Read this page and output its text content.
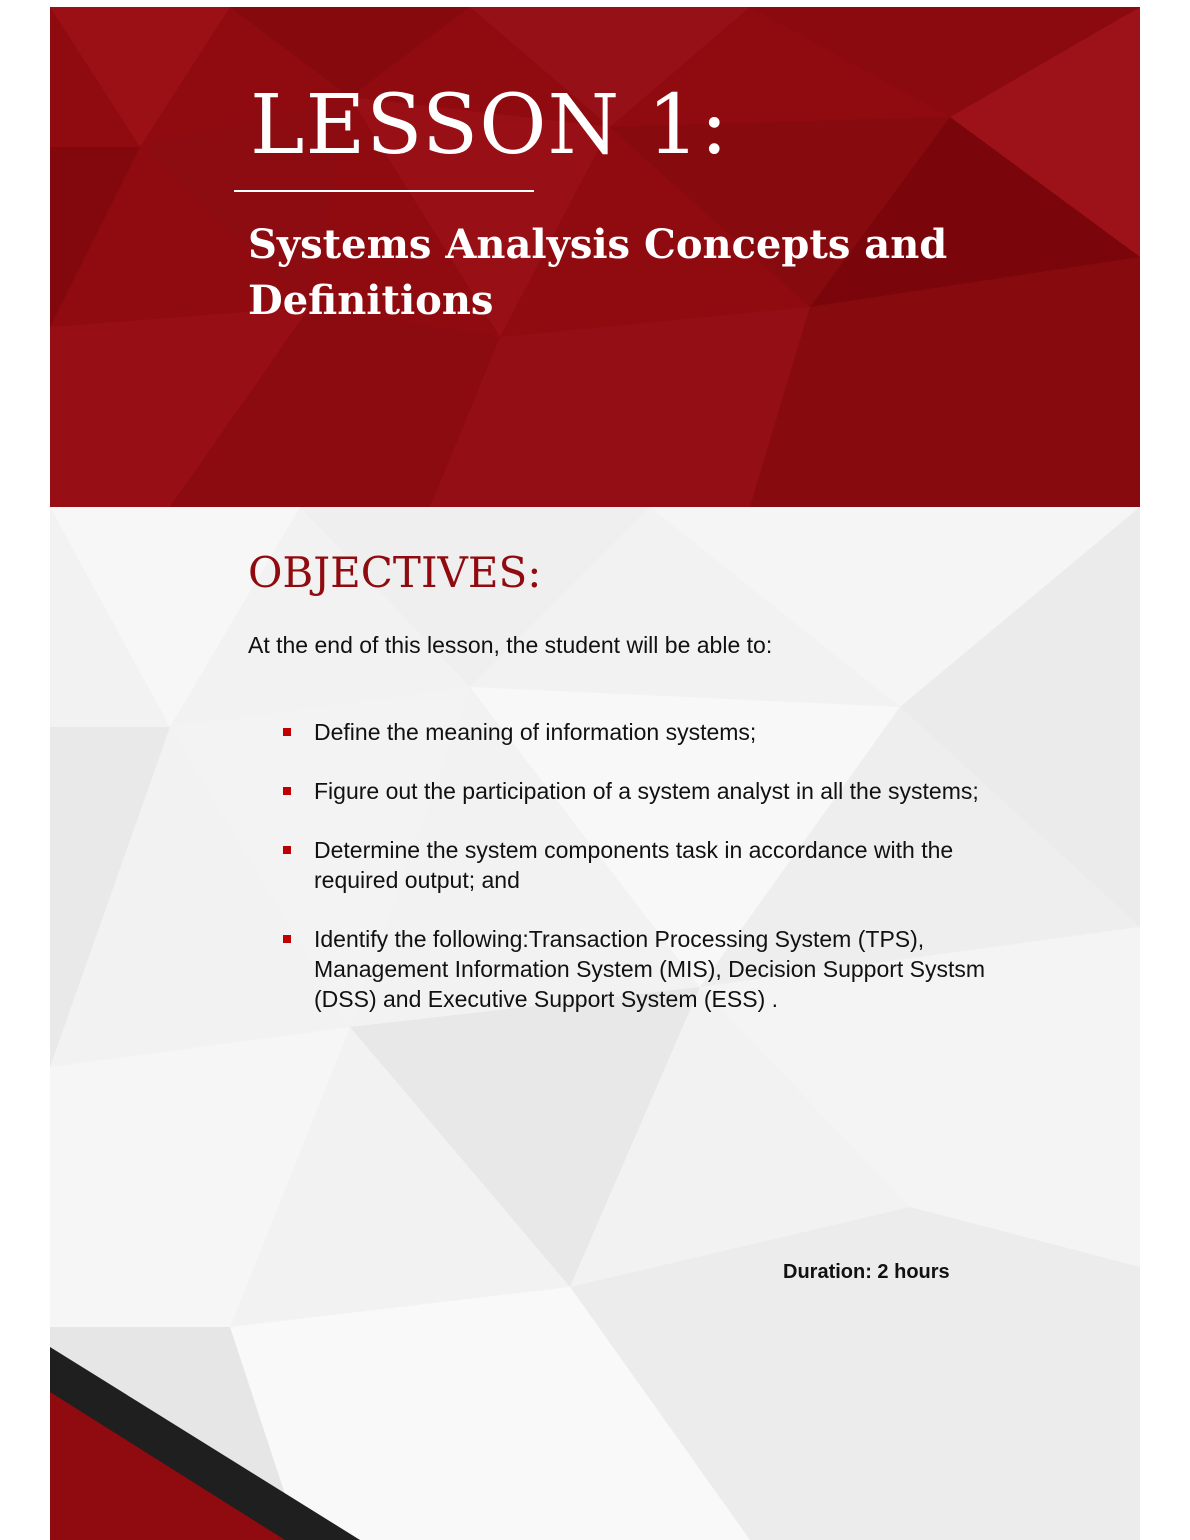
LESSON 1:
Systems Analysis Concepts and Definitions
OBJECTIVES:

At the end of this lesson, the student will be able to:

Define the meaning of information systems;
Figure out the participation of a system analyst in all the systems;
Determine the system components task in accordance with the required output; and
Identify the following:Transaction Processing System (TPS), Management Information System (MIS), Decision Support Systsm (DSS) and Executive Support System (ESS) .

Duration: 2 hours
